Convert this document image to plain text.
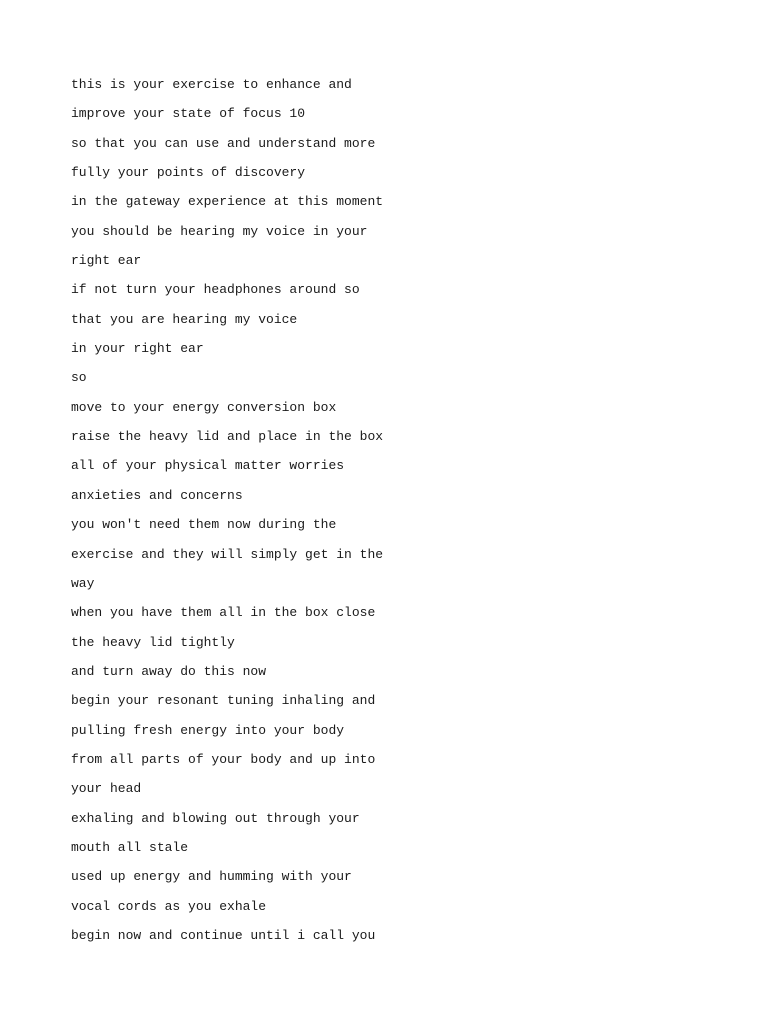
this is your exercise to enhance and
improve your state of focus 10
so that you can use and understand more
fully your points of discovery
in the gateway experience at this moment
you should be hearing my voice in your
right ear
if not turn your headphones around so
that you are hearing my voice
in your right ear
so
move to your energy conversion box
raise the heavy lid and place in the box
all of your physical matter worries
anxieties and concerns
you won't need them now during the
exercise and they will simply get in the
way
when you have them all in the box close
the heavy lid tightly
and turn away do this now
begin your resonant tuning inhaling and
pulling fresh energy into your body
from all parts of your body and up into
your head
exhaling and blowing out through your
mouth all stale
used up energy and humming with your
vocal cords as you exhale
begin now and continue until i call you
